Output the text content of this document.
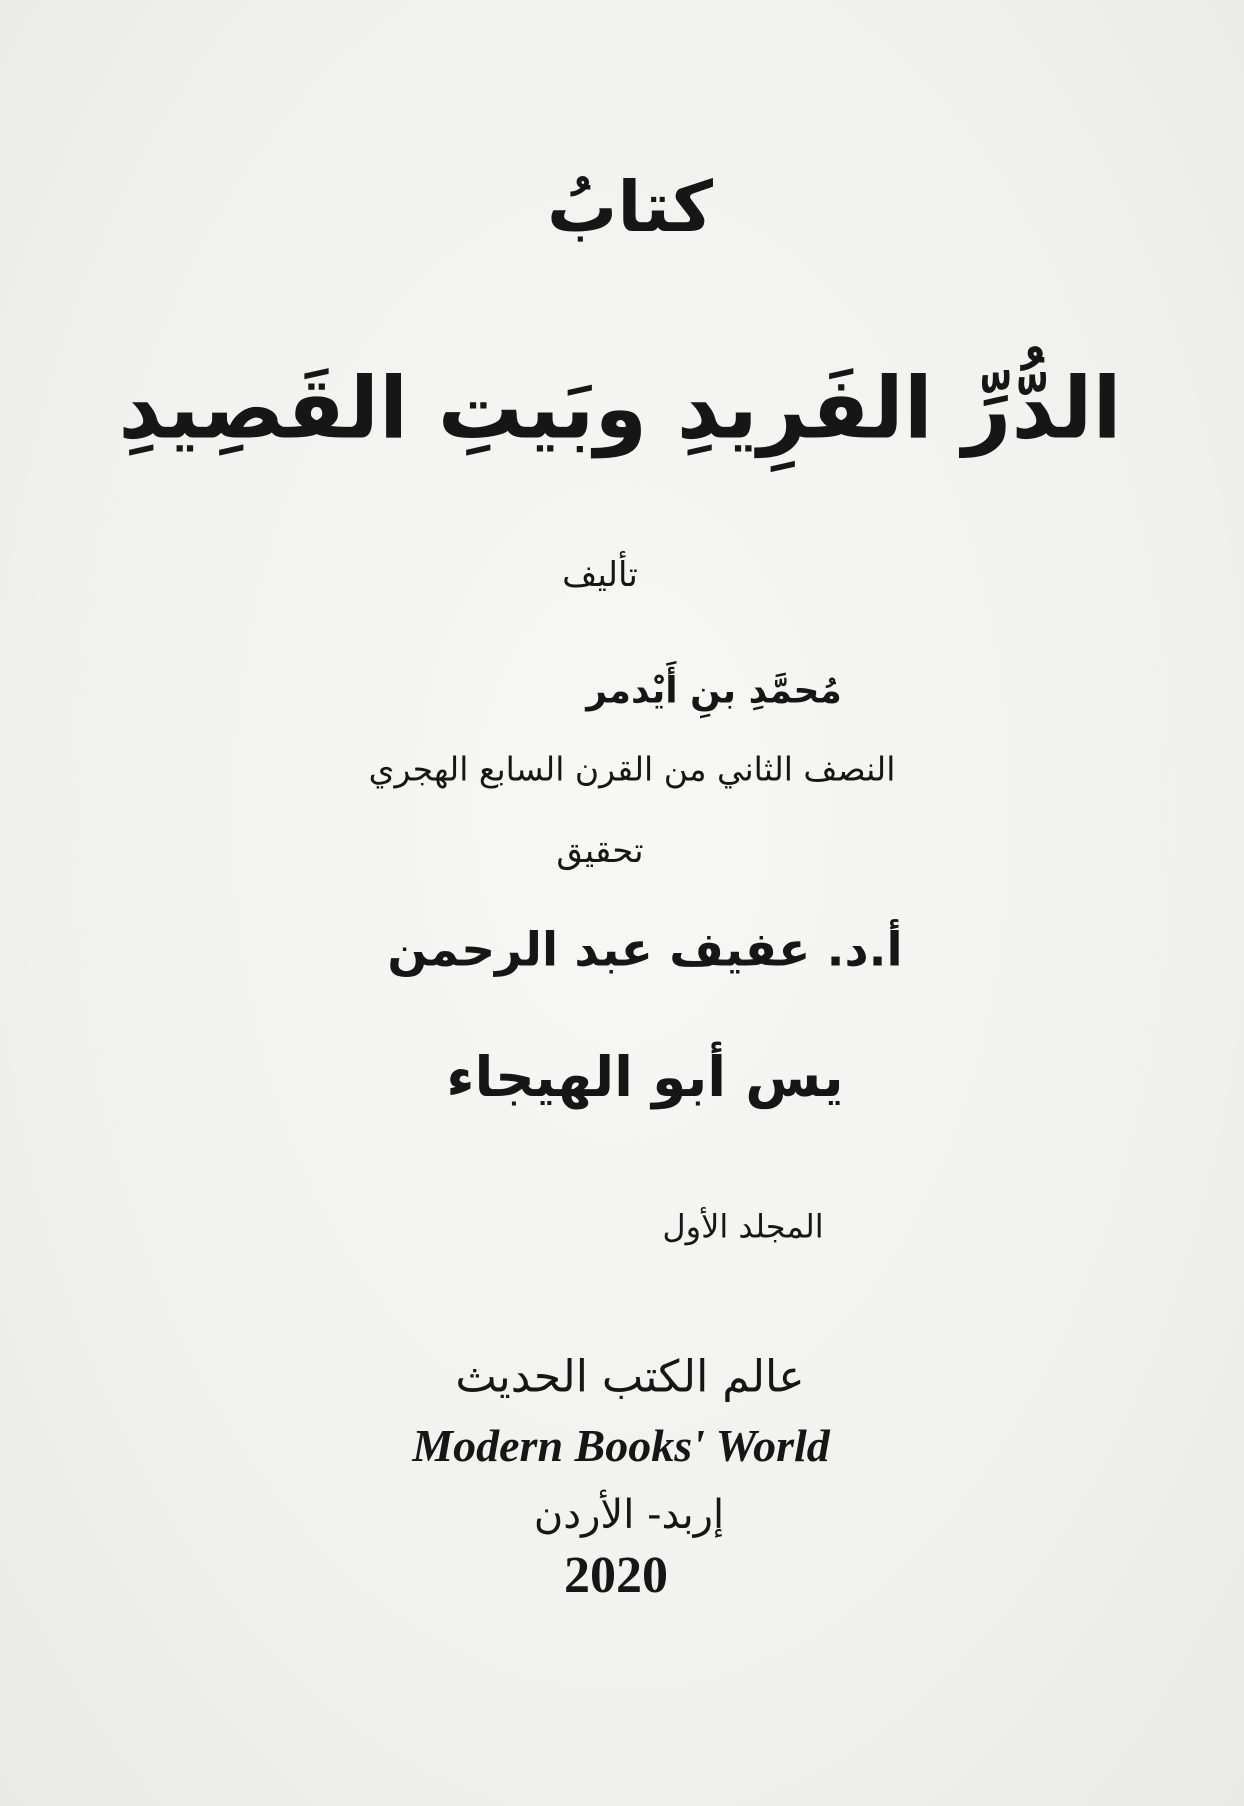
كتابُ
الدُّرِّ الفَرِيدِ وبَيتِ القَصِيدِ
تأليف
مُحمَّدِ بنِ أَيْدمر
النصف الثاني من القرن السابع الهجري
تحقيق
أ.د. عفيف عبد الرحمن
يس أبو الهيجاء
المجلد الأول
عالم الكتب الحديث
Modern Books' World
إربد- الأردن
2020
